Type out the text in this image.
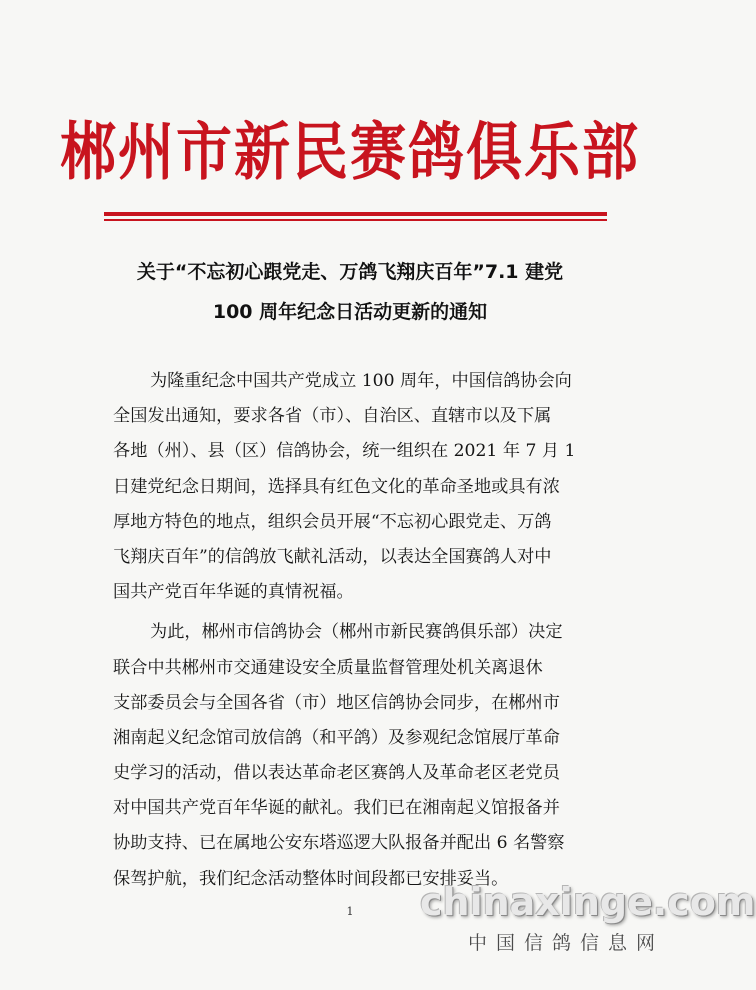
郴州市新民赛鸽俱乐部
关于“不忘初心跟党走、万鸽飞翔庆百年”7.1 建党
100 周年纪念日活动更新的通知
为隆重纪念中国共产党成立 100 周年，中国信鸽协会向
全国发出通知，要求各省（市）、自治区、直辖市以及下属
各地（州）、县（区）信鸽协会，统一组织在 2021 年 7 月 1
日建党纪念日期间，选择具有红色文化的革命圣地或具有浓
厚地方特色的地点，组织会员开展“不忘初心跟党走、万鸽
飞翔庆百年”的信鸽放飞献礼活动，以表达全国赛鸽人对中
国共产党百年华诞的真情祝福。
为此，郴州市信鸽协会（郴州市新民赛鸽俱乐部）决定
联合中共郴州市交通建设安全质量监督管理处机关离退休
支部委员会与全国各省（市）地区信鸽协会同步，在郴州市
湘南起义纪念馆司放信鸽（和平鸽）及参观纪念馆展厅革命
史学习的活动，借以表达革命老区赛鸽人及革命老区老党员
对中国共产党百年华诞的献礼。我们已在湘南起义馆报备并
协助支持、已在属地公安东塔巡逻大队报备并配出 6 名警察
保驾护航，我们纪念活动整体时间段都已安排妥当。
1	chinaxinge.com
中国信鸽信息网
